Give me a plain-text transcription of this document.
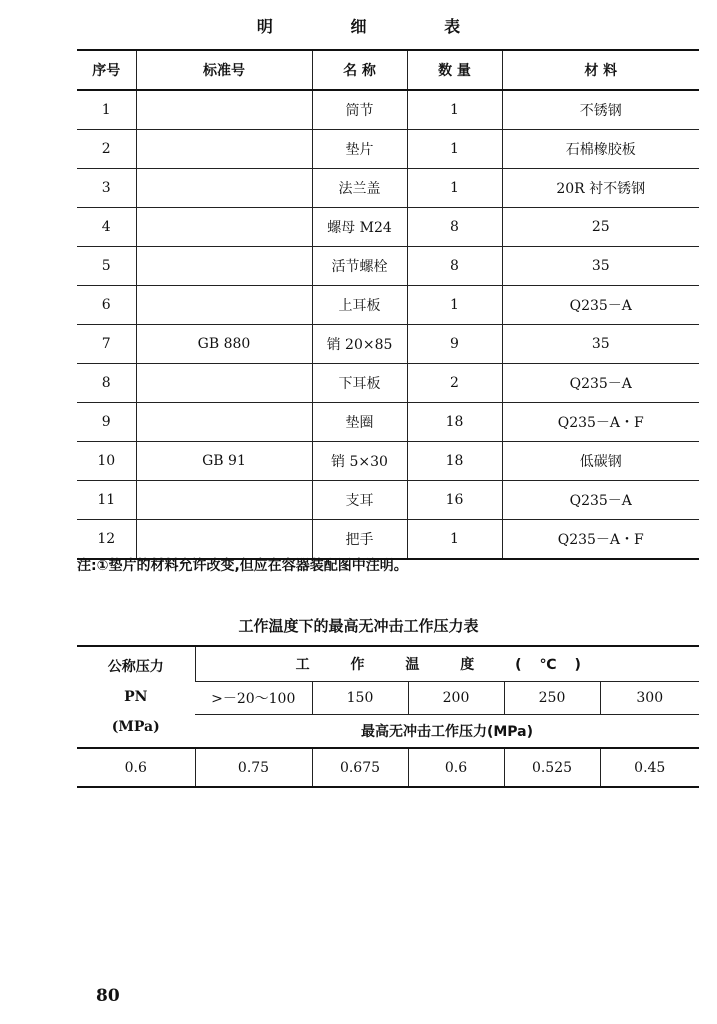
明 细 表
序号	标准号	名 称	数 量	材 料
1		筒节	1	不锈钢
2		垫片	1	石棉橡胶板
3		法兰盖	1	20R 衬不锈钢
4		螺母 M24	8	25
5		活节螺栓	8	35
6		上耳板	1	Q235－A
7	GB 880	销 20×85	9	35
8		下耳板	2	Q235－A
9		垫圈	18	Q235－A・F
10	GB 91	销 5×30	18	低碳钢
11		支耳	16	Q235－A
12		把手	1	Q235－A・F
注:①垫片的材料允许改变,但应在容器装配图中注明。
工作温度下的最高无冲击工作压力表
公称压力
PN
(MPa)	工 作 温 度 (℃)				
	>－20～100	150	200	250	300
	最高无冲击工作压力(MPa)				
0.6	0.75	0.675	0.6	0.525	0.45
80
